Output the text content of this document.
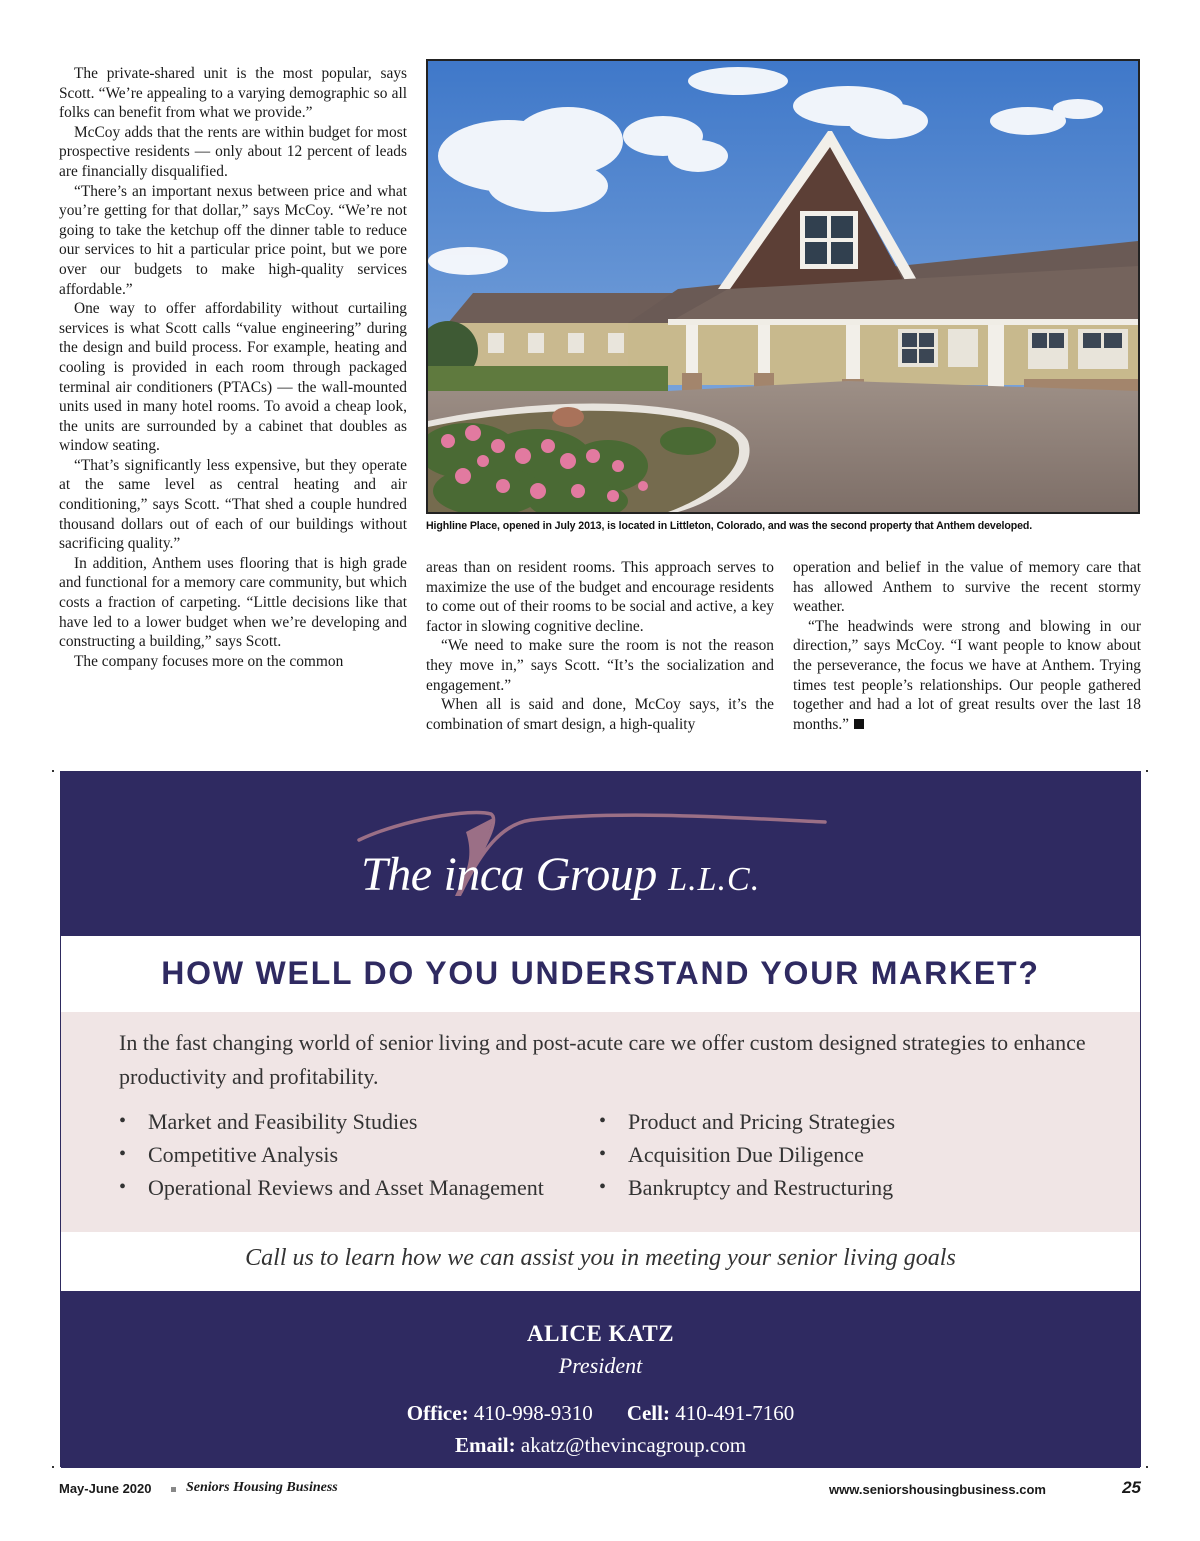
The private-shared unit is the most popular, says Scott. “We’re appealing to a varying demographic so all folks can benefit from what we provide.”

McCoy adds that the rents are within budget for most prospective residents — only about 12 percent of leads are financially disqualified.

“There’s an important nexus between price and what you’re getting for that dollar,” says McCoy. “We’re not going to take the ketchup off the dinner table to reduce our services to hit a particular price point, but we pore over our budgets to make high-quality services affordable.”

One way to offer affordability without curtailing services is what Scott calls “value engineering” during the design and build process. For example, heating and cooling is provided in each room through packaged terminal air conditioners (PTACs) — the wall-mounted units used in many hotel rooms. To avoid a cheap look, the units are surrounded by a cabinet that doubles as window seating.

“That’s significantly less expensive, but they operate at the same level as central heating and air conditioning,” says Scott. “That shed a couple hundred thousand dollars out of each of our buildings without sacrificing quality.”

In addition, Anthem uses flooring that is high grade and functional for a memory care community, but which costs a fraction of carpeting. “Little decisions like that have led to a lower budget when we’re developing and constructing a building,” says Scott.

The company focuses more on the common

areas than on resident rooms. This approach serves to maximize the use of the budget and encourage residents to come out of their rooms to be social and active, a key factor in slowing cognitive decline.

“We need to make sure the room is not the reason they move in,” says Scott. “It’s the socialization and engagement.”

When all is said and done, McCoy says, it’s the combination of smart design, a high-quality

operation and belief in the value of memory care that has allowed Anthem to survive the recent stormy weather.

“The headwinds were strong and blowing in our direction,” says McCoy. “I want people to know about the perseverance, the focus we have at Anthem. Trying times test people’s relationships. Our people gathered together and had a lot of great results over the last 18 months.”

Highline Place, opened in July 2013, is located in Littleton, Colorado, and was the second property that Anthem developed.
The inca Group L.L.C.
HOW WELL DO YOU UNDERSTAND YOUR MARKET?
In the fast changing world of senior living and post-acute care we offer custom designed strategies to enhance productivity and profitability.
• Market and Feasibility Studies
• Competitive Analysis
• Operational Reviews and Asset Management
• Product and Pricing Strategies
• Acquisition Due Diligence
• Bankruptcy and Restructuring
Call us to learn how we can assist you in meeting your senior living goals
ALICE KATZ
President
Office: 410-998-9310 Cell: 410-491-7160
Email: akatz@thevincagroup.com
May-June 2020 Seniors Housing Business	www.seniorshousingbusiness.com	25
